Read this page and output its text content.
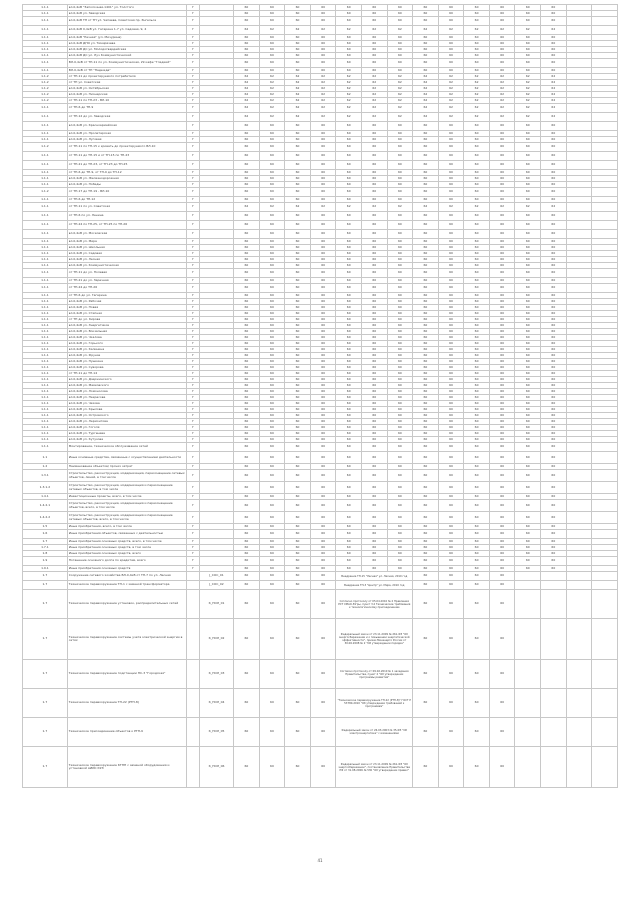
1.1.1	вл.0,4кВ "Заполочная-1401" ул. Толстого	Г		60	60	60	60	60	60	60	60	60	60	60	60	60		
1.1.1	вл.0,4кВ ул. Заводская	Г		60	60	60	60	60	60	60	60	60	60	60	60	60		
1.1.1	вл.0,4кВ ТП от ТП ул. Чапаева, Советская пр. Энгельса	Г		60	60	60	60	60	60	60	60	60	60	60	60	60		
1.1.1	вл.0,4кВ 0,4кВ ул. Гагарина 1-7 ул. Садовая, 9, 4	Г		62	62	62	62	62	62	62	62	62	62	62	62	62		
1.1.1	вл.0,4кВ "Речная" (ул. Мичурина)	Г		60	60	60	60	60	60	60	60	60	60	60	60	60		
1.1.1	вл.0,4кВ ДПО ул. Тимирязева	Г		60	60	60	60	60	60	60	60	60	60	60	60	60		
1.1.1	вл.0,4кВ ДС ул. Молодогвардейская	Г		60	60	60	60	60	60	60	60	60	60	60	60	60		
1.1.1	вл.0,4кВ ДС ул. Луч Коммунистический	Г		60	60	60	60	60	60	60	60	60	60	60	60	60		
1.1.1	ВЛ-0,4кВ от ТП-11 по ул. Коммунистическая, 29 кафе "Гладкий"	Г		60	60	60	60	60	60	60	60	60	60	60	60	60		
1.1.1	ВЛ-0,4кВ от ТП "Надежда"	Г		60	60	60	60	60	60	60	60	60	60	60	60	60		
1.1.2	от ТП-11 до проектируемого потребителя	Г		62	62	62	62	62	62	62	62	62	62	62	62	62		
1.1.2	от ТП ул. Советская	Г		62	62	62	62	62	62	62	62	62	62	62	62	62		
1.1.2	вл.0,4кВ ул. Октябрьская	Г		62	62	62	62	62	62	62	62	62	62	62	62	62		
1.1.2	вл.0,4кВ ул. Пионерская	Г		62	62	62	62	62	62	62	62	62	62	62	62	62		
1.1.2	от ТП-11 по ТП-23 - ВЛ-10	Г		62	62	62	62	62	62	62	62	62	62	62	62	62		
1.1.1	от ТП-6 до ТП-9	Г		62	62	62	62	62	62	62	62	62	62	62	62	62		
1.1.1	от ТП-12 до ул. Заводская	Г		62	62	62	62	62	62	62	62	62	62	62	62	62		
1.1.1	вл.0,4кВ ул. Красноармейская	Г		60	60	60	60	60	60	60	60	60	60	60	60	60		
1.1.1	вл.0,4кВ ул. Пролетарская	Г		60	60	60	60	60	60	60	60	60	60	60	60	60		
1.1.1	вл.0,4кВ ул. Луговая	Г		60	60	60	60	60	60	60	60	60	60	60	60	60		
1.1.2	от ТП-11 по ТП-15 к кровать до проектируемого ВЛ-10	Г		60	60	60	60	60	60	60	60	60	60	60	60	60		
1.1.1	от ТП-11 до ТП-15 и от ТП-15 по ТП-23	Г		60	60	60	60	60	60	60	60	60	60	60	60	60		
1.1.1	от ТП-21 до ТП-23, от ТП-23 до ТП-25	Г		60	60	60	60	60	60	60	60	60	60	60	60	60		
1.1.1	от ТП-6 до ТП-9, от ТП-9 до ТП-12	Г		60	60	60	60	60	60	60	60	60	60	60	60	60		
1.1.1	вл.0,4кВ ул. Железнодорожная	Г		60	60	60	60	60	60	60	60	60	60	60	60	60		
1.1.1	вл.0,4кВ ул. Победы	Г		60	60	60	60	60	60	60	60	60	60	60	60	60		
1.1.2	от ТП-17 до ТП-19 - ВЛ-10	Г		60	60	60	60	60	60	60	60	60	60	60	60	60		
1.1.1	от ТП-6 до ТП-12	Г		60	60	60	60	60	60	60	60	60	60	60	60	60		
1.1.1	от ТП-11 по ул. Советская	Г		62	62	62	62	62	62	62	62	62	62	62	62	62		
1.1.1	от ТП-6 по ул. Ленина	Г		60	60	60	60	60	60	60	60	60	60	60	60	60		
1.1.1	от ТП-24 по ТП-25, от ТП-25 по ТП-26	Г		60	60	60	60	60	60	60	60	60	60	60	60	60		
1.1.1	вл.0,4кВ ул. Московская	Г		60	60	60	60	60	60	60	60	60	60	60	60	60		
1.1.1	вл.0,4кВ ул. Мира	Г		60	60	60	60	60	60	60	60	60	60	60	60	60		
1.1.1	вл.0,4кВ ул. Школьная	Г		60	60	60	60	60	60	60	60	60	60	60	60	60		
1.1.1	вл.0,4кВ ул. Садовая	Г		60	60	60	60	60	60	60	60	60	60	60	60	60		
1.1.1	вл.0,4кВ ул. Лесная	Г		60	60	60	60	60	60	60	60	60	60	60	60	60		
1.1.1	вл.0,4кВ ул. Коммунистическая	Г		60	60	60	60	60	60	60	60	60	60	60	60	60		
1.1.1	от ТП-11 до ул. Полевая	Г		60	60	60	60	60	60	60	60	60	60	60	60	60		
1.1.1	от ТП-21 до ул. Заречная	Г		60	60	60	60	60	60	60	60	60	60	60	60	60		
1.1.1	от ТП-24 до ТП-26	Г		60	60	60	60	60	60	60	60	60	60	60	60	60		
1.1.1	от ТП-6 до ул. Гагарина	Г		60	60	60	60	60	60	60	60	60	60	60	60	60		
1.1.1	вл.0,4кВ ул. Рабочая	Г		60	60	60	60	60	60	60	60	60	60	60	60	60		
1.1.1	вл.0,4кВ ул. Новая	Г		60	60	60	60	60	60	60	60	60	60	60	60	60		
1.1.1	вл.0,4кВ ул. Степная	Г		60	60	60	60	60	60	60	60	60	60	60	60	60		
1.1.1	от ТП до ул. Кирова	Г		60	60	60	60	60	60	60	60	60	60	60	60	60		
1.1.1	вл.0,4кВ ул. Энергетиков	Г		60	60	60	60	60	60	60	60	60	60	60	60	60		
1.1.1	вл.0,4кВ ул. Вокзальная	Г		60	60	60	60	60	60	60	60	60	60	60	60	60		
1.1.1	вл.0,4кВ ул. Чкалова	Г		60	60	60	60	60	60	60	60	60	60	60	60	60		
1.1.1	вл.0,4кВ ул. Горького	Г		60	60	60	60	60	60	60	60	60	60	60	60	60		
1.1.1	вл.0,4кВ ул. Калинина	Г		60	60	60	60	60	60	60	60	60	60	60	60	60		
1.1.1	вл.0,4кВ ул. Фрунзе	Г		60	60	60	60	60	60	60	60	60	60	60	60	60		
1.1.1	вл.0,4кВ ул. Пушкина	Г		60	60	60	60	60	60	60	60	60	60	60	60	60		
1.1.1	вл.0,4кВ ул. Суворова	Г		60	60	60	60	60	60	60	60	60	60	60	60	60		
1.1.1	от ТП-11 до ТП-14	Г		60	60	60	60	60	60	60	60	60	60	60	60	60		
1.1.1	вл.0,4кВ ул. Дзержинского	Г		60	60	60	60	60	60	60	60	60	60	60	60	60		
1.1.1	вл.0,4кВ ул. Маяковского	Г		60	60	60	60	60	60	60	60	60	60	60	60	60		
1.1.1	вл.0,4кВ ул. Ломоносова	Г		60	60	60	60	60	60	60	60	60	60	60	60	60		
1.1.1	вл.0,4кВ ул. Некрасова	Г		60	60	60	60	60	60	60	60	60	60	60	60	60		
1.1.1	вл.0,4кВ ул. Чехова	Г		60	60	60	60	60	60	60	60	60	60	60	60	60		
1.1.1	вл.0,4кВ ул. Крылова	Г		60	60	60	60	60	60	60	60	60	60	60	60	60		
1.1.1	вл.0,4кВ ул. Островского	Г		60	60	60	60	60	60	60	60	60	60	60	60	60		
1.1.1	вл.0,4кВ ул. Лермонтова	Г		60	60	60	60	60	60	60	60	60	60	60	60	60		
1.1.1	вл.0,4кВ ул. Гоголя	Г		60	60	60	60	60	60	60	60	60	60	60	60	60		
1.1.1	вл.0,4кВ ул. Тургенева	Г		60	60	60	60	60	60	60	60	60	60	60	60	60		
1.1.1	вл.0,4кВ ул. Кутузова	Г		60	60	60	60	60	60	60	60	60	60	60	60	60		
1.1.1	Монтирование, техническое обслуживание сетей	Г		60	60	60	60	60	60	60	60	60	60	60	60	60		
1.1	Иные основные средства, связанные с осуществлением деятельности	Г		60	60	60	60	60	60	60	60	60	60	60	60	60		
1.2	Наименование объектов/ прочих затрат	Г		60	60	60	60	60	60	60	60	60	60	60	60	60		
1.3.1	Строительство, реконструкция, модернизация, переоснащение сетевых объектов, линий, в том числе	Г		60	60	60	60	60	60	60	60	60	60	60	60	60		
1.3.1.2	Строительство, реконструкция, модернизация и переоснащение сетевых объектов, в том числе	Г		60	60	60	60	60	60	60	60	60	60	60	60	60		
1.4.1	Инвестиционные проекты, всего, в том числе	Г		60	60	60	60	60	60	60	60	60	60	60	60	60		
1.4.2.1	Строительство, реконструкция, модернизация и переоснащение объектов, всего, в том числе	Г		60	60	60	60	60	60	60	60	60	60	60	60	60		
1.4.2.2	Строительство, реконструкция, модернизация и переоснащение сетевых объектов, всего, в том числе	Г		60	60	60	60	60	60	60	60	60	60	60	60	60		
1.5	Иные приобретения, всего, в том числе	Г		60	60	60	60	60	60	60	60	60	60	60	60	60		
1.6	Иные приобретения объектов, связанных с деятельностью	Г		60	60	60	60	60	60	60	60	60	60	60	60	60		
1.7	Иные приобретения основных средств, всего, в том числе	Г		60	60	60	60	60	60	60	60	60	60	60	60	60		
1.7.1	Иные приобретения основных средств, в том числе	Г		60	60	60	60	60	60	60	60	60	60	60	60	60		
1.8	Иные приобретения основных средств, всего	Г		60	60	60	60	60	60	60	60	60	60	60	60	60		
1.9	Погашение основного долга по кредитам, всего	Г		60	60	60	60	60	60	60	60	60	60	60	60	60		
1.9.1	Иные приобретения основных средств	Г		60	60	60	60	60	60	60	60	60	60	60	60	60		
1.7	Сооружение сетевого хозяйства ВЛ-0,4кВ от ТП-7 по ул. Лесная		J_СОС_01	60	60	60	60	Внедрение ТП-15 "Лесная" ул. Лесная, 2010 год			60	60	60	60				
1.7	Техническое перевооружение ТП-1 с заменой трансформатора		J_СОС_02	60	60	60	60	Внедрение ТП-3 "Центр" ул. Мира, 2010 год			60	60	60	60				
1.7	Техническое перевооружение установок, распределительных сетей		К_ПОЛ_01	60	60	60	60	Согласно протоколу от 05.04.2010 № 2 Правления РСТ ХМАО-Югры, пункт 3.2 Технические требования к технологическому присоединению			60	60	60	60				
1.7	Техническое перевооружение системы учета электрической энергии в сетях		К_ПОЛ_02	60	60	60	60	Федеральный закон от 23.11.2009 № 261-ФЗ "Об энергосбережении и о повышении энергетической эффективности", приказ Минэнерго России от 30.06.2008 № 2 "Об утверждении порядка"			60	60	60	60				
1.7	Техническое перевооружение подстанции ПС-3 "Городская"		К_ПОЛ_03	60	60	60	60	Согласно протоколу от 09.02.2010 № 1 заседания Правительства, пункт 2 "Об утверждении программы развития"			60	60	60	60				
1.7	Техническое перевооружение ТП-22 (РТП-8)		К_ПОЛ_04	60	60	60	60	"Техническое перевооружение ТП-22 (РТП-8)" ГОСТ Р 53780-2010 "Об утверждении требований к программам"			60	60	60	60				
1.7	Техническое присоединение объектов к РТП-9		К_ПОЛ_05	60	60	60	60	Федеральный закон от 26.03.2003 № 35-ФЗ "Об электроэнергетике" с изменениями			60	60	60	60				
1.7	Техническое перевооружение КТПН с заменой оборудования и установкой АИИС КУЭ		К_ПОЛ_06	60	60	60	60	Федеральный закон от 23.11.2009 № 261-ФЗ "Об энергосбережении", постановление Правительства РФ от 31.08.2006 № 530 "Об утверждении правил"			60	60	60	60				
41
